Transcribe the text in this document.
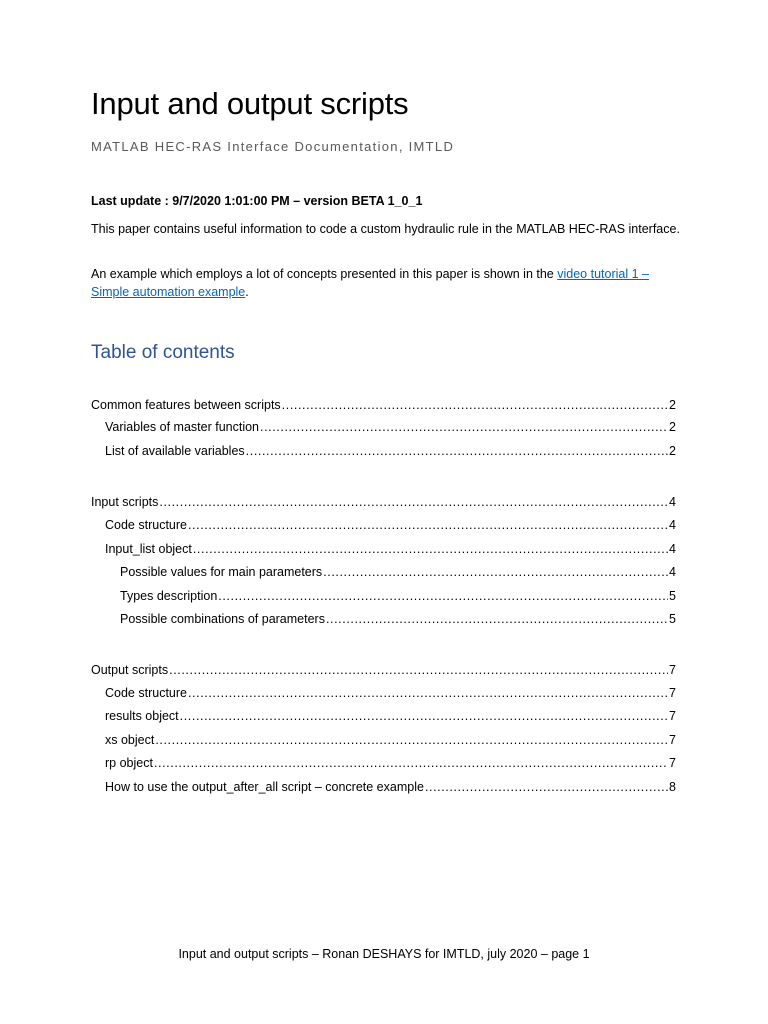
Input and output scripts
MATLAB HEC-RAS Interface Documentation, IMTLD
Last update : 9/7/2020 1:01:00 PM – version BETA 1_0_1
This paper contains useful information to code a custom hydraulic rule in the MATLAB HEC-RAS interface.
An example which employs a lot of concepts presented in this paper is shown in the video tutorial 1 – Simple automation example.
Table of contents
Common features between scripts .....	2
Variables of master function .....	2
List of available variables .....	2
Input scripts .....	4
Code structure .....	4
Input_list object .....	4
Possible values for main parameters .....	4
Types description .....	5
Possible combinations of parameters .....	5
Output scripts .....	7
Code structure .....	7
results object .....	7
xs object .....	7
rp object .....	7
How to use the output_after_all script – concrete example .....	8
Input and output scripts – Ronan DESHAYS for IMTLD, july 2020 – page 1
